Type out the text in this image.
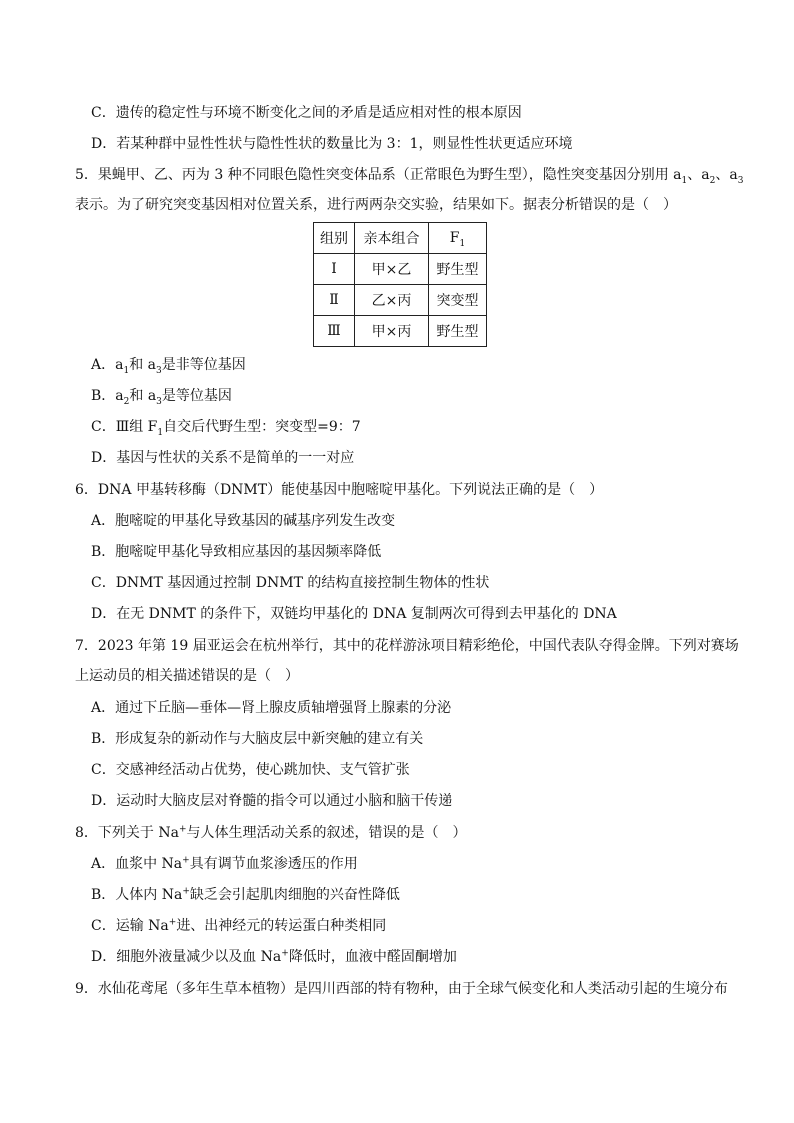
C．遗传的稳定性与环境不断变化之间的矛盾是适应相对性的根本原因
D．若某种群中显性性状与隐性性状的数量比为 3：1，则显性性状更适应环境
5．果蝇甲、乙、丙为 3 种不同眼色隐性突变体品系（正常眼色为野生型），隐性突变基因分别用 $a_1$、$a_2$、$a_3$
表示。为了研究突变基因相对位置关系，进行两两杂交实验，结果如下。据表分析错误的是（　）
组别	亲本组合	$F_1$
Ⅰ	甲×乙	野生型
Ⅱ	乙×丙	突变型
Ⅲ	甲×丙	野生型
A．$a_1$和 $a_3$是非等位基因
B．$a_2$和 $a_3$是等位基因
C．Ⅲ组 $F_1$自交后代野生型：突变型=9：7
D．基因与性状的关系不是简单的一一对应
6．DNA 甲基转移酶（DNMT）能使基因中胞嘧啶甲基化。下列说法正确的是（　）
A．胞嘧啶的甲基化导致基因的碱基序列发生改变
B．胞嘧啶甲基化导致相应基因的基因频率降低
C．DNMT 基因通过控制 DNMT 的结构直接控制生物体的性状
D．在无 DNMT 的条件下，双链均甲基化的 DNA 复制两次可得到去甲基化的 DNA
7．2023 年第 19 届亚运会在杭州举行，其中的花样游泳项目精彩绝伦，中国代表队夺得金牌。下列对赛场
上运动员的相关描述错误的是（　）
A．通过下丘脑—垂体—肾上腺皮质轴增强肾上腺素的分泌
B．形成复杂的新动作与大脑皮层中新突触的建立有关
C．交感神经活动占优势，使心跳加快、支气管扩张
D．运动时大脑皮层对脊髓的指令可以通过小脑和脑干传递
8．下列关于 Na+与人体生理活动关系的叙述，错误的是（　）
A．血浆中 Na+具有调节血浆渗透压的作用
B．人体内 Na+缺乏会引起肌肉细胞的兴奋性降低
C．运输 Na+进、出神经元的转运蛋白种类相同
D．细胞外液量减少以及血 Na+降低时，血液中醛固酮增加
9．水仙花鸢尾（多年生草本植物）是四川西部的特有物种，由于全球气候变化和人类活动引起的生境分布
